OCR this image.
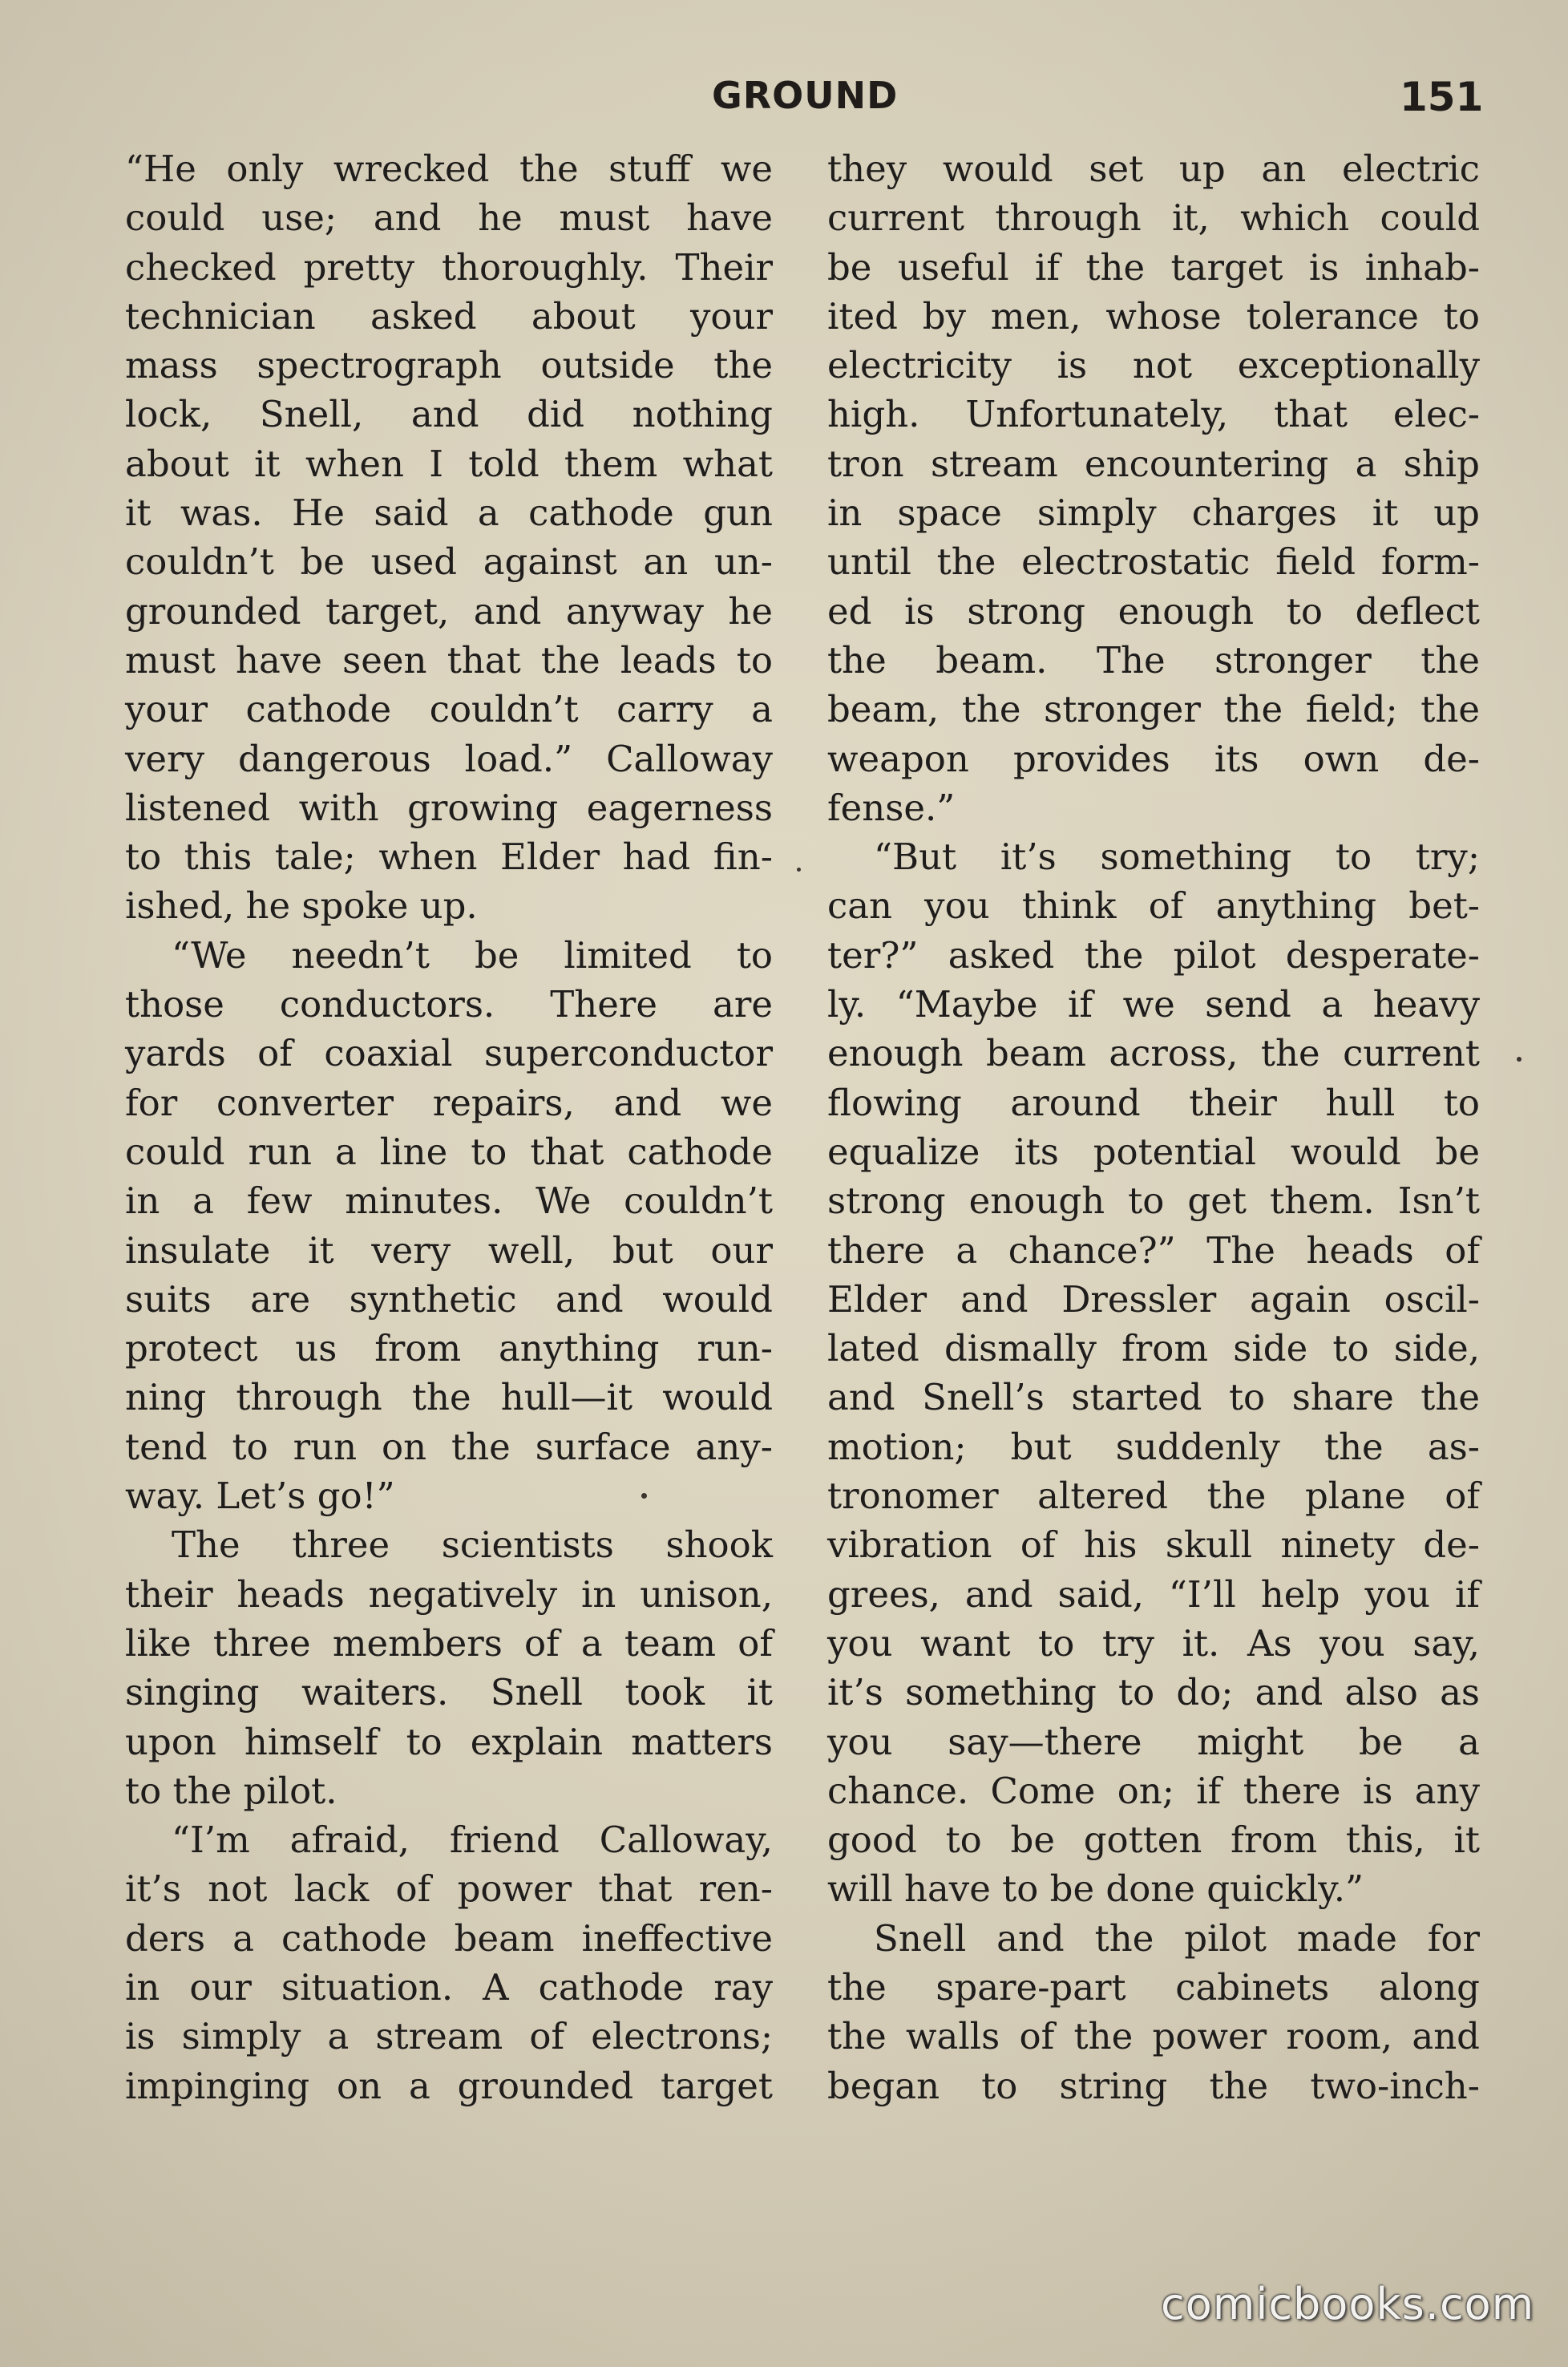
GROUND	151
“He only wrecked the stuff we
could use; and he must have
checked pretty thoroughly. Their
technician asked about your
mass spectrograph outside the
lock, Snell, and did nothing
about it when I told them what
it was. He said a cathode gun
couldn’t be used against an un-
grounded target, and anyway he
must have seen that the leads to
your cathode couldn’t carry a
very dangerous load.” Calloway
listened with growing eagerness
to this tale; when Elder had fin-
ished, he spoke up.
“We needn’t be limited to
those conductors. There are
yards of coaxial superconductor
for converter repairs, and we
could run a line to that cathode
in a few minutes. We couldn’t
insulate it very well, but our
suits are synthetic and would
protect us from anything run-
ning through the hull—it would
tend to run on the surface any-
way. Let’s go!”
The three scientists shook
their heads negatively in unison,
like three members of a team of
singing waiters. Snell took it
upon himself to explain matters
to the pilot.
“I’m afraid, friend Calloway,
it’s not lack of power that ren-
ders a cathode beam ineffective
in our situation. A cathode ray
is simply a stream of electrons;
impinging on a grounded target
they would set up an electric
current through it, which could
be useful if the target is inhab-
ited by men, whose tolerance to
electricity is not exceptionally
high. Unfortunately, that elec-
tron stream encountering a ship
in space simply charges it up
until the electrostatic field form-
ed is strong enough to deflect
the beam. The stronger the
beam, the stronger the field; the
weapon provides its own de-
fense.”
“But it’s something to try;
can you think of anything bet-
ter?” asked the pilot desperate-
ly. “Maybe if we send a heavy
enough beam across, the current
flowing around their hull to
equalize its potential would be
strong enough to get them. Isn’t
there a chance?” The heads of
Elder and Dressler again oscil-
lated dismally from side to side,
and Snell’s started to share the
motion; but suddenly the as-
tronomer altered the plane of
vibration of his skull ninety de-
grees, and said, “I’ll help you if
you want to try it. As you say,
it’s something to do; and also as
you say—there might be a
chance. Come on; if there is any
good to be gotten from this, it
will have to be done quickly.”
Snell and the pilot made for
the spare-part cabinets along
the walls of the power room, and
began to string the two-inch-
comicbooks.com
